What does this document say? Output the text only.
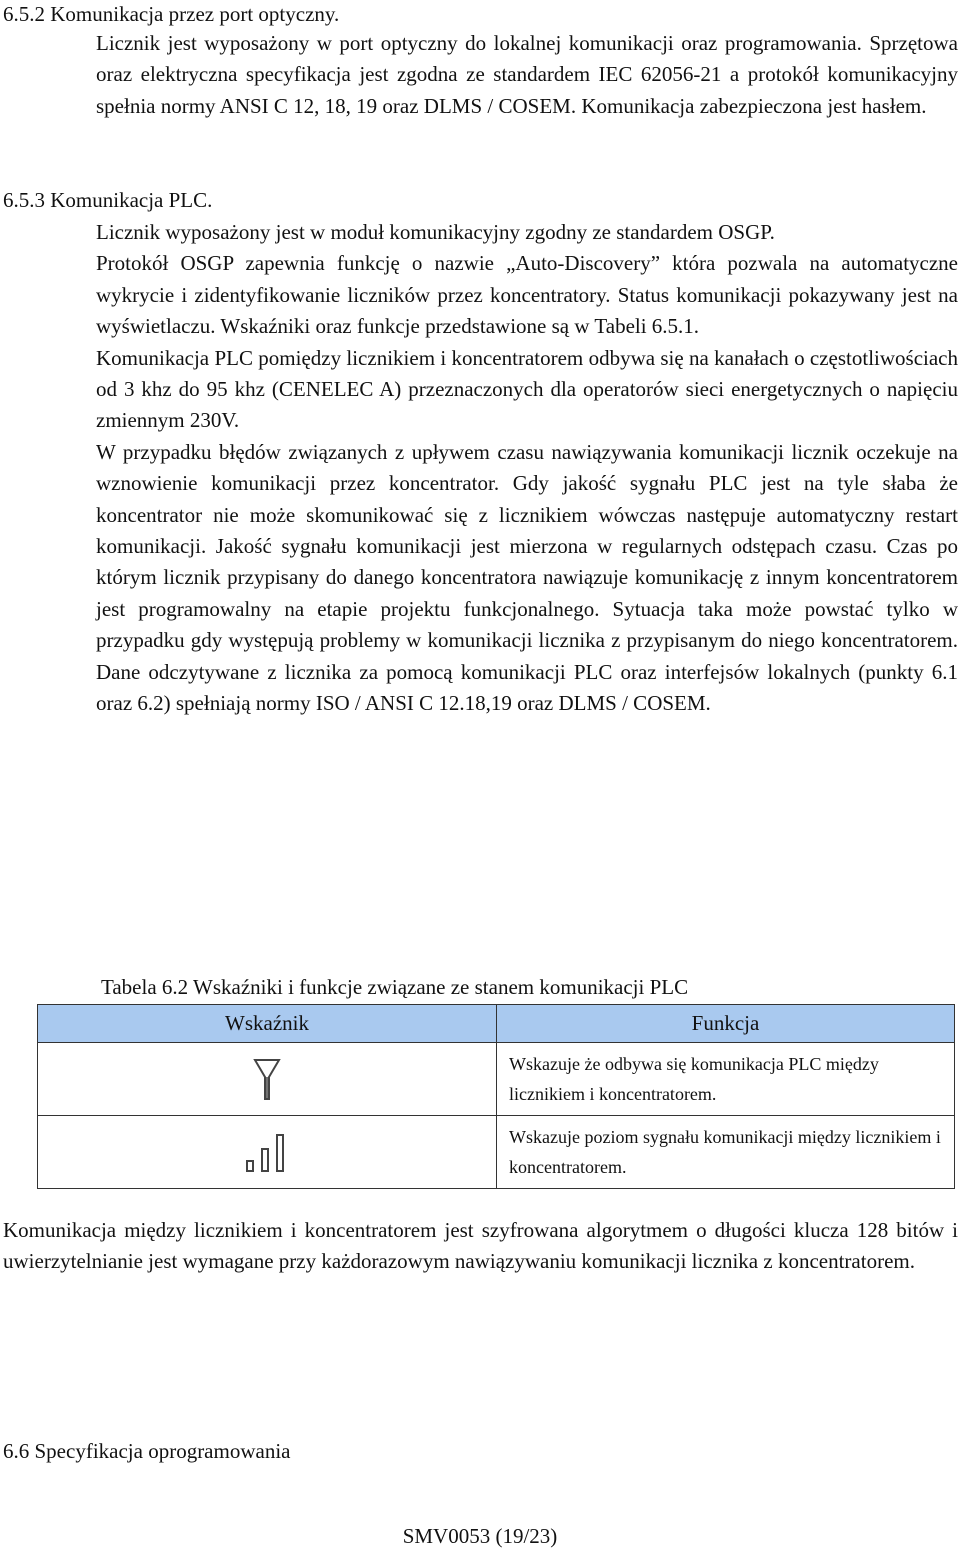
6.5.2 Komunikacja przez port optyczny.
Licznik jest wyposażony w port optyczny do lokalnej komunikacji oraz programowania. Sprzętowa oraz elektryczna specyfikacja jest zgodna ze standardem IEC 62056-21 a protokół komunikacyjny spełnia normy ANSI C 12, 18, 19 oraz DLMS / COSEM. Komunikacja zabezpieczona jest hasłem.
6.5.3 Komunikacja PLC.
Licznik wyposażony jest w moduł komunikacyjny zgodny ze standardem OSGP.
Protokół OSGP zapewnia funkcję o nazwie „Auto-Discovery” która pozwala na automatyczne wykrycie i zidentyfikowanie liczników przez koncentratory. Status komunikacji pokazywany jest na wyświetlaczu. Wskaźniki oraz funkcje przedstawione są w Tabeli 6.5.1.
Komunikacja PLC pomiędzy licznikiem i koncentratorem odbywa się na kanałach o częstotliwościach od 3 khz do 95 khz (CENELEC A) przeznaczonych dla operatorów sieci energetycznych o napięciu zmiennym 230V.
W przypadku błędów związanych z upływem czasu nawiązywania komunikacji licznik oczekuje na wznowienie komunikacji przez koncentrator. Gdy jakość sygnału PLC jest na tyle słaba że koncentrator nie może skomunikować się z licznikiem wówczas następuje automatyczny restart komunikacji. Jakość sygnału komunikacji jest mierzona w regularnych odstępach czasu. Czas po którym licznik przypisany do danego koncentratora nawiązuje komunikację z innym koncentratorem jest programowalny na etapie projektu funkcjonalnego. Sytuacja taka może powstać tylko w przypadku gdy występują problemy w komunikacji licznika z przypisanym do niego koncentratorem. Dane odczytywane z licznika za pomocą komunikacji PLC oraz interfejsów lokalnych (punkty 6.1 oraz 6.2) spełniają normy ISO / ANSI C 12.18,19 oraz DLMS / COSEM.
Tabela 6.2 Wskaźniki i funkcje związane ze stanem komunikacji PLC
Wskaźnik	Funkcja
	Wskazuje że odbywa się komunikacja PLC między licznikiem i koncentratorem.
	Wskazuje poziom sygnału komunikacji między licznikiem i koncentratorem.
Komunikacja między licznikiem i koncentratorem jest szyfrowana algorytmem o długości klucza 128 bitów i uwierzytelnianie jest wymagane przy każdorazowym nawiązywaniu komunikacji licznika z koncentratorem.
6.6 Specyfikacja oprogramowania
SMV0053 (19/23)
